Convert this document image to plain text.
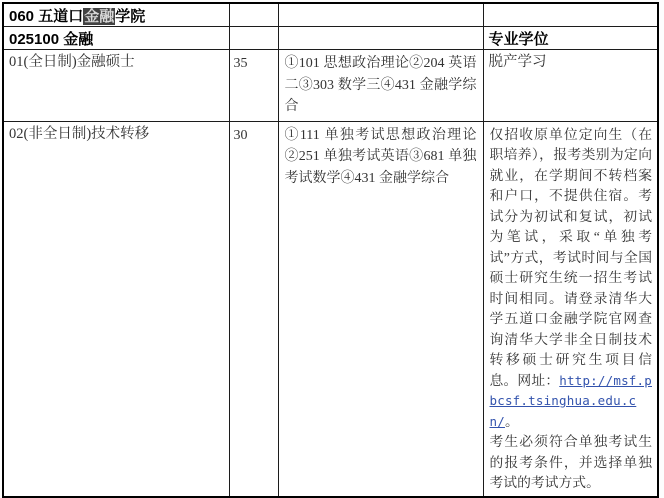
060 五道口金融学院			
025100 金融			专业学位
01(全日制)金融硕士	35	①101 思想政治理论②204 英语二③303 数学三④431 金融学综合	脱产学习
02(非全日制)技术转移	30	①111 单独考试思想政治理论②251 单独考试英语③681 单独考试数学④431 金融学综合	仅招收原单位定向生（在职培养），报考类别为定向就业，在学期间不转档案和户口，不提供住宿。考试分为初试和复试，初试为笔试，采取“单独考试”方式，考试时间与全国硕士研究生统一招生考试时间相同。请登录清华大学五道口金融学院官网查询清华大学非全日制技术转移硕士研究生项目信息。网址：http://msf.pbcsf.tsinghua.edu.cn/。
考生必须符合单独考试生的报考条件，并选择单独考试的考试方式。
